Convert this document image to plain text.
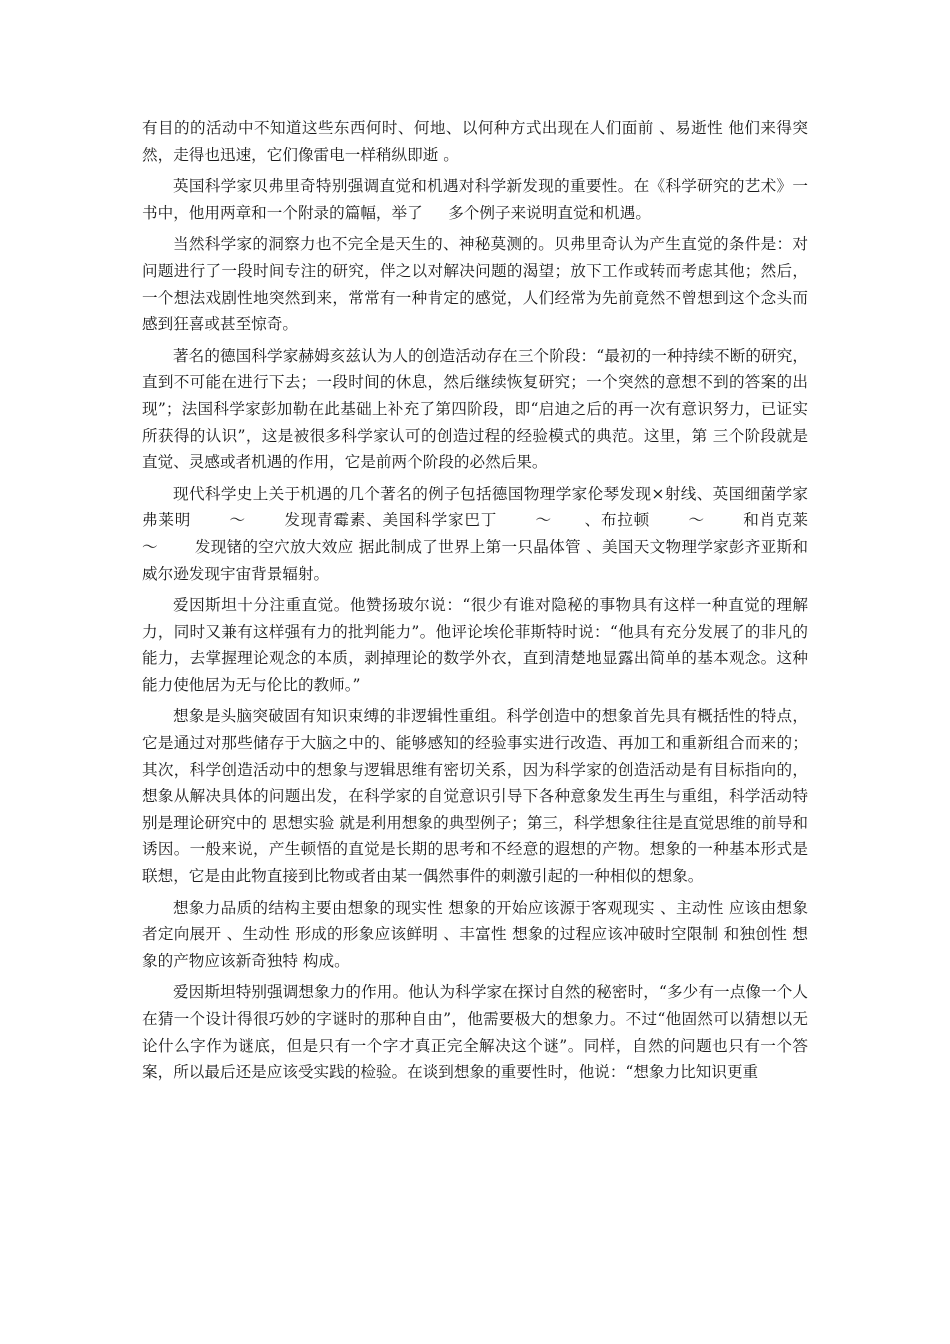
有目的的活动中不知道这些东西何时、何地、以何种方式出现在人们面前 、易逝性 他们来得突然，走得也迅速，它们像雷电一样稍纵即逝 。

英国科学家贝弗里奇特别强调直觉和机遇对科学新发现的重要性。在《科学研究的艺术》一书中，他用两章和一个附录的篇幅，举了 　 多个例子来说明直觉和机遇。

当然科学家的洞察力也不完全是天生的、神秘莫测的。贝弗里奇认为产生直觉的条件是：对问题进行了一段时间专注的研究，伴之以对解决问题的渴望；放下工作或转而考虑其他；然后，一个想法戏剧性地突然到来，常常有一种肯定的感觉，人们经常为先前竟然不曾想到这个念头而感到狂喜或甚至惊奇。

著名的德国科学家赫姆亥兹认为人的创造活动存在三个阶段：“最初的一种持续不断的研究，直到不可能在进行下去；一段时间的休息，然后继续恢复研究；一个突然的意想不到的答案的出现”；法国科学家彭加勒在此基础上补充了第四阶段，即“启迪之后的再一次有意识努力，已证实所获得的认识”，这是被很多科学家认可的创造过程的经验模式的典范。这里，第 三个阶段就是直觉、灵感或者机遇的作用，它是前两个阶段的必然后果。

现代科学史上关于机遇的几个著名的例子包括德国物理学家伦琴发现×射线、英国细菌学家弗莱明 　　～　　 发现青霉素、美国科学家巴丁 　　～　　、布拉顿 　　～　　 和肖克莱　　～　　 发现锗的空穴放大效应 据此制成了世界上第一只晶体管 、美国天文物理学家彭齐亚斯和威尔逊发现宇宙背景辐射。

爱因斯坦十分注重直觉。他赞扬玻尔说：“很少有谁对隐秘的事物具有这样一种直觉的理解力，同时又兼有这样强有力的批判能力”。他评论埃伦菲斯特时说：“他具有充分发展了的非凡的能力，去掌握理论观念的本质，剥掉理论的数学外衣，直到清楚地显露出简单的基本观念。这种能力使他居为无与伦比的教师。”

想象是头脑突破固有知识束缚的非逻辑性重组。科学创造中的想象首先具有概括性的特点，它是通过对那些储存于大脑之中的、能够感知的经验事实进行改造、再加工和重新组合而来的；其次，科学创造活动中的想象与逻辑思维有密切关系，因为科学家的创造活动是有目标指向的，想象从解决具体的问题出发，在科学家的自觉意识引导下各种意象发生再生与重组，科学活动特别是理论研究中的 思想实验 就是利用想象的典型例子；第三，科学想象往往是直觉思维的前导和诱因。一般来说，产生顿悟的直觉是长期的思考和不经意的遐想的产物。想象的一种基本形式是联想，它是由此物直接到比物或者由某一偶然事件的刺激引起的一种相似的想象。

想象力品质的结构主要由想象的现实性 想象的开始应该源于客观现实 、主动性 应该由想象者定向展开 、生动性 形成的形象应该鲜明 、丰富性 想象的过程应该冲破时空限制 和独创性 想象的产物应该新奇独特 构成。

爱因斯坦特别强调想象力的作用。他认为科学家在探讨自然的秘密时，“多少有一点像一个人在猜一个设计得很巧妙的字谜时的那种自由”，他需要极大的想象力。不过“他固然可以猜想以无论什么字作为谜底，但是只有一个字才真正完全解决这个谜”。同样，自然的问题也只有一个答案，所以最后还是应该受实践的检验。在谈到想象的重要性时，他说：“想象力比知识更重
